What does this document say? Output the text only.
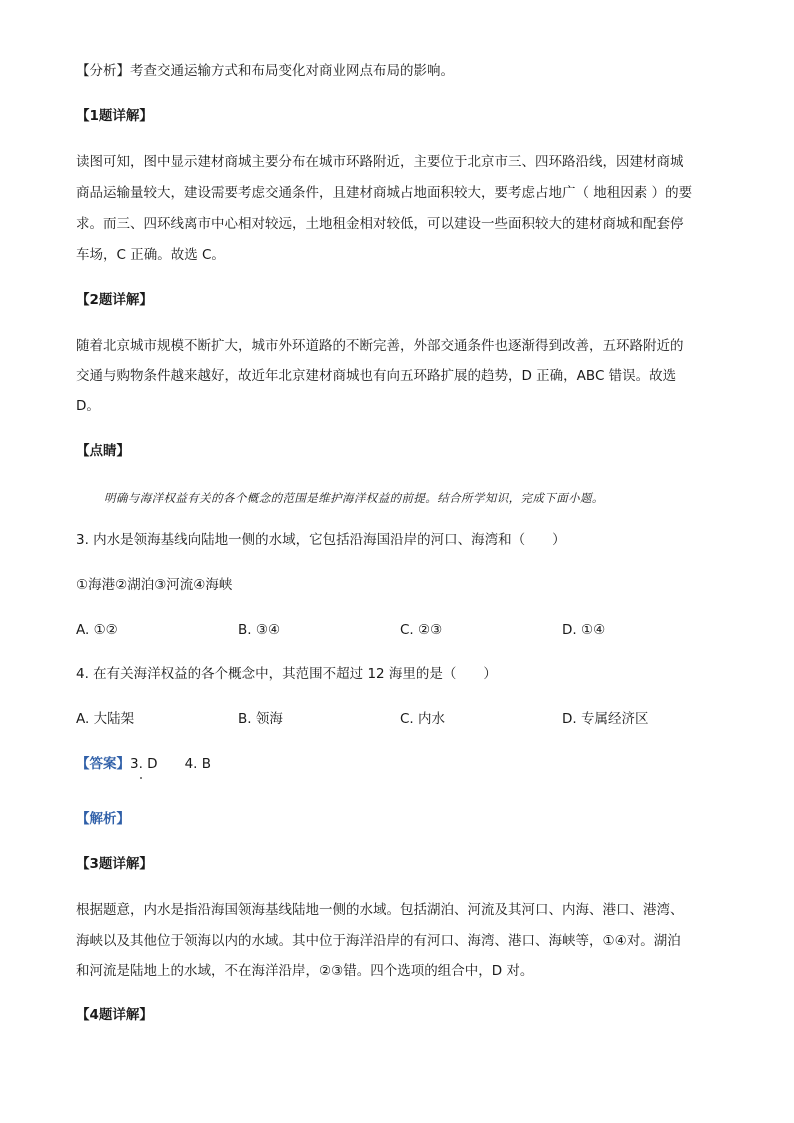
【分析】考查交通运输方式和布局变化对商业网点布局的影响。
【1题详解】
读图可知，图中显示建材商城主要分布在城市环路附近，主要位于北京市三、四环路沿线，因建材商城
商品运输量较大，建设需要考虑交通条件，且建材商城占地面积较大，要考虑占地广（ 地租因素 ）的要
求。而三、四环线离市中心相对较远，土地租金相对较低，可以建设一些面积较大的建材商城和配套停
车场，C 正确。故选 C。
【2题详解】
随着北京城市规模不断扩大，城市外环道路的不断完善，外部交通条件也逐渐得到改善，五环路附近的
交通与购物条件越来越好，故近年北京建材商城也有向五环路扩展的趋势，D 正确，ABC 错误。故选
D。
【点睛】
明确与海洋权益有关的各个概念的范围是维护海洋权益的前提。结合所学知识，完成下面小题。
3. 内水是领海基线向陆地一侧的水域，它包括沿海国沿岸的河口、海湾和（　　）
①海港②湖泊③河流④海峡
A. ①②	B. ③④	C. ②③	D. ①④
4. 在有关海洋权益的各个概念中，其范围不超过 12 海里的是（　　）
A. 大陆架	B. 领海	C. 内水	D. 专属经济区
【答案】3. D　　4. B
【解析】
【3题详解】
根据题意，内水是指沿海国领海基线陆地一侧的水域。包括湖泊、河流及其河口、内海、港口、港湾、
海峡以及其他位于领海以内的水域。其中位于海洋沿岸的有河口、海湾、港口、海峡等，①④对。湖泊
和河流是陆地上的水域，不在海洋沿岸，②③错。四个选项的组合中，D 对。
【4题详解】
